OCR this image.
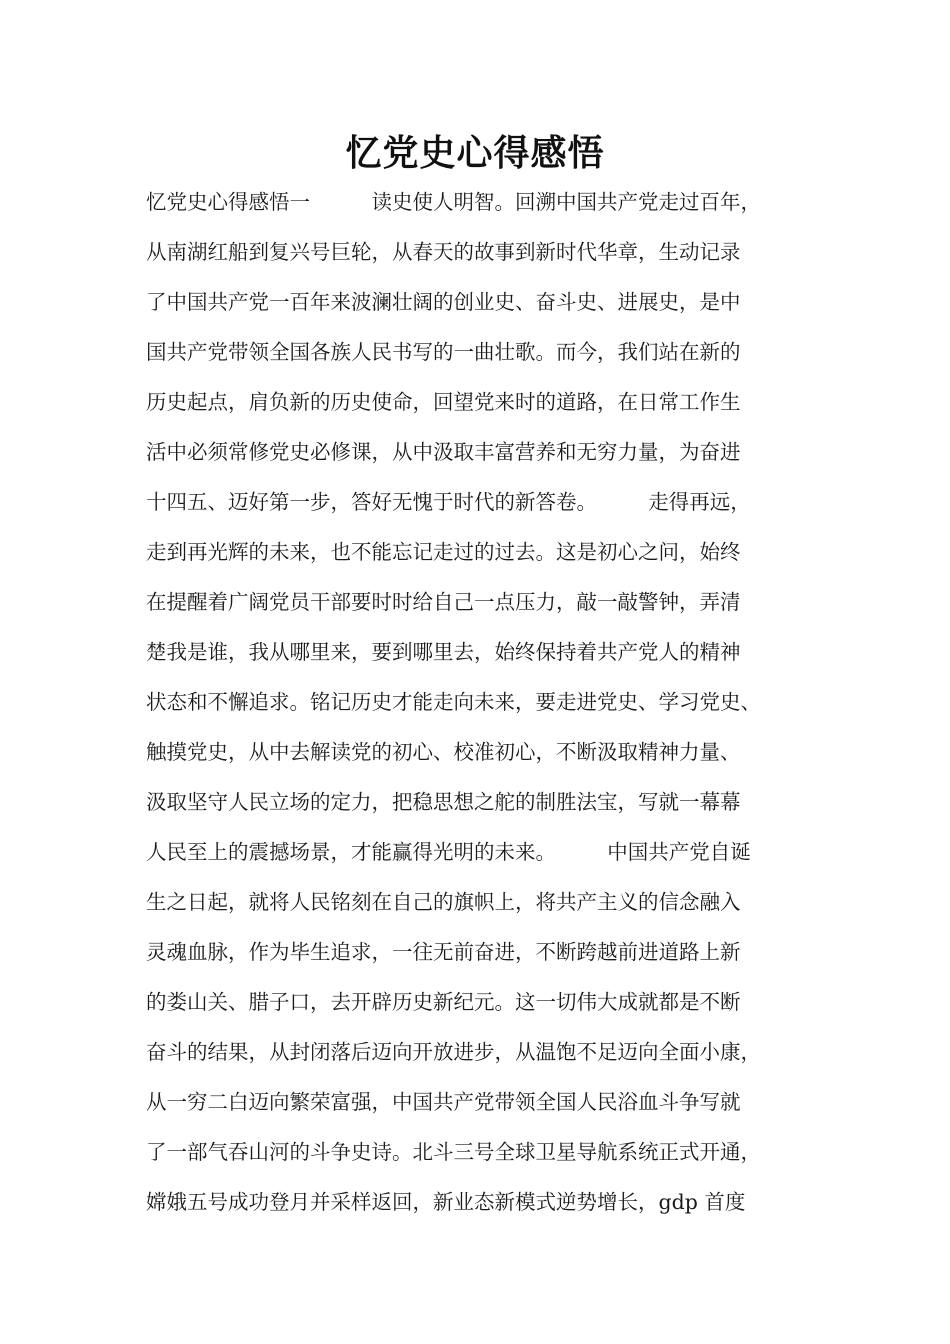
忆党史心得感悟
忆党史心得感悟一　　　读史使人明智。回溯中国共产党走过百年，
从南湖红船到复兴号巨轮，从春天的故事到新时代华章，生动记录
了中国共产党一百年来波澜壮阔的创业史、奋斗史、进展史，是中
国共产党带领全国各族人民书写的一曲壮歌。而今，我们站在新的
历史起点，肩负新的历史使命，回望党来时的道路，在日常工作生
活中必须常修党史必修课，从中汲取丰富营养和无穷力量，为奋进
十四五、迈好第一步，答好无愧于时代的新答卷。　　　走得再远，
走到再光辉的未来，也不能忘记走过的过去。这是初心之问，始终
在提醒着广阔党员干部要时时给自己一点压力，敲一敲警钟，弄清
楚我是谁，我从哪里来，要到哪里去，始终保持着共产党人的精神
状态和不懈追求。铭记历史才能走向未来，要走进党史、学习党史、
触摸党史，从中去解读党的初心、校准初心，不断汲取精神力量、
汲取坚守人民立场的定力，把稳思想之舵的制胜法宝，写就一幕幕
人民至上的震撼场景，才能赢得光明的未来。　　　中国共产党自诞
生之日起，就将人民铭刻在自己的旗帜上，将共产主义的信念融入
灵魂血脉，作为毕生追求，一往无前奋进，不断跨越前进道路上新
的娄山关、腊子口，去开辟历史新纪元。这一切伟大成就都是不断
奋斗的结果，从封闭落后迈向开放进步，从温饱不足迈向全面小康，
从一穷二白迈向繁荣富强，中国共产党带领全国人民浴血斗争写就
了一部气吞山河的斗争史诗。北斗三号全球卫星导航系统正式开通，
嫦娥五号成功登月并采样返回，新业态新模式逆势增长，gdp 首度
